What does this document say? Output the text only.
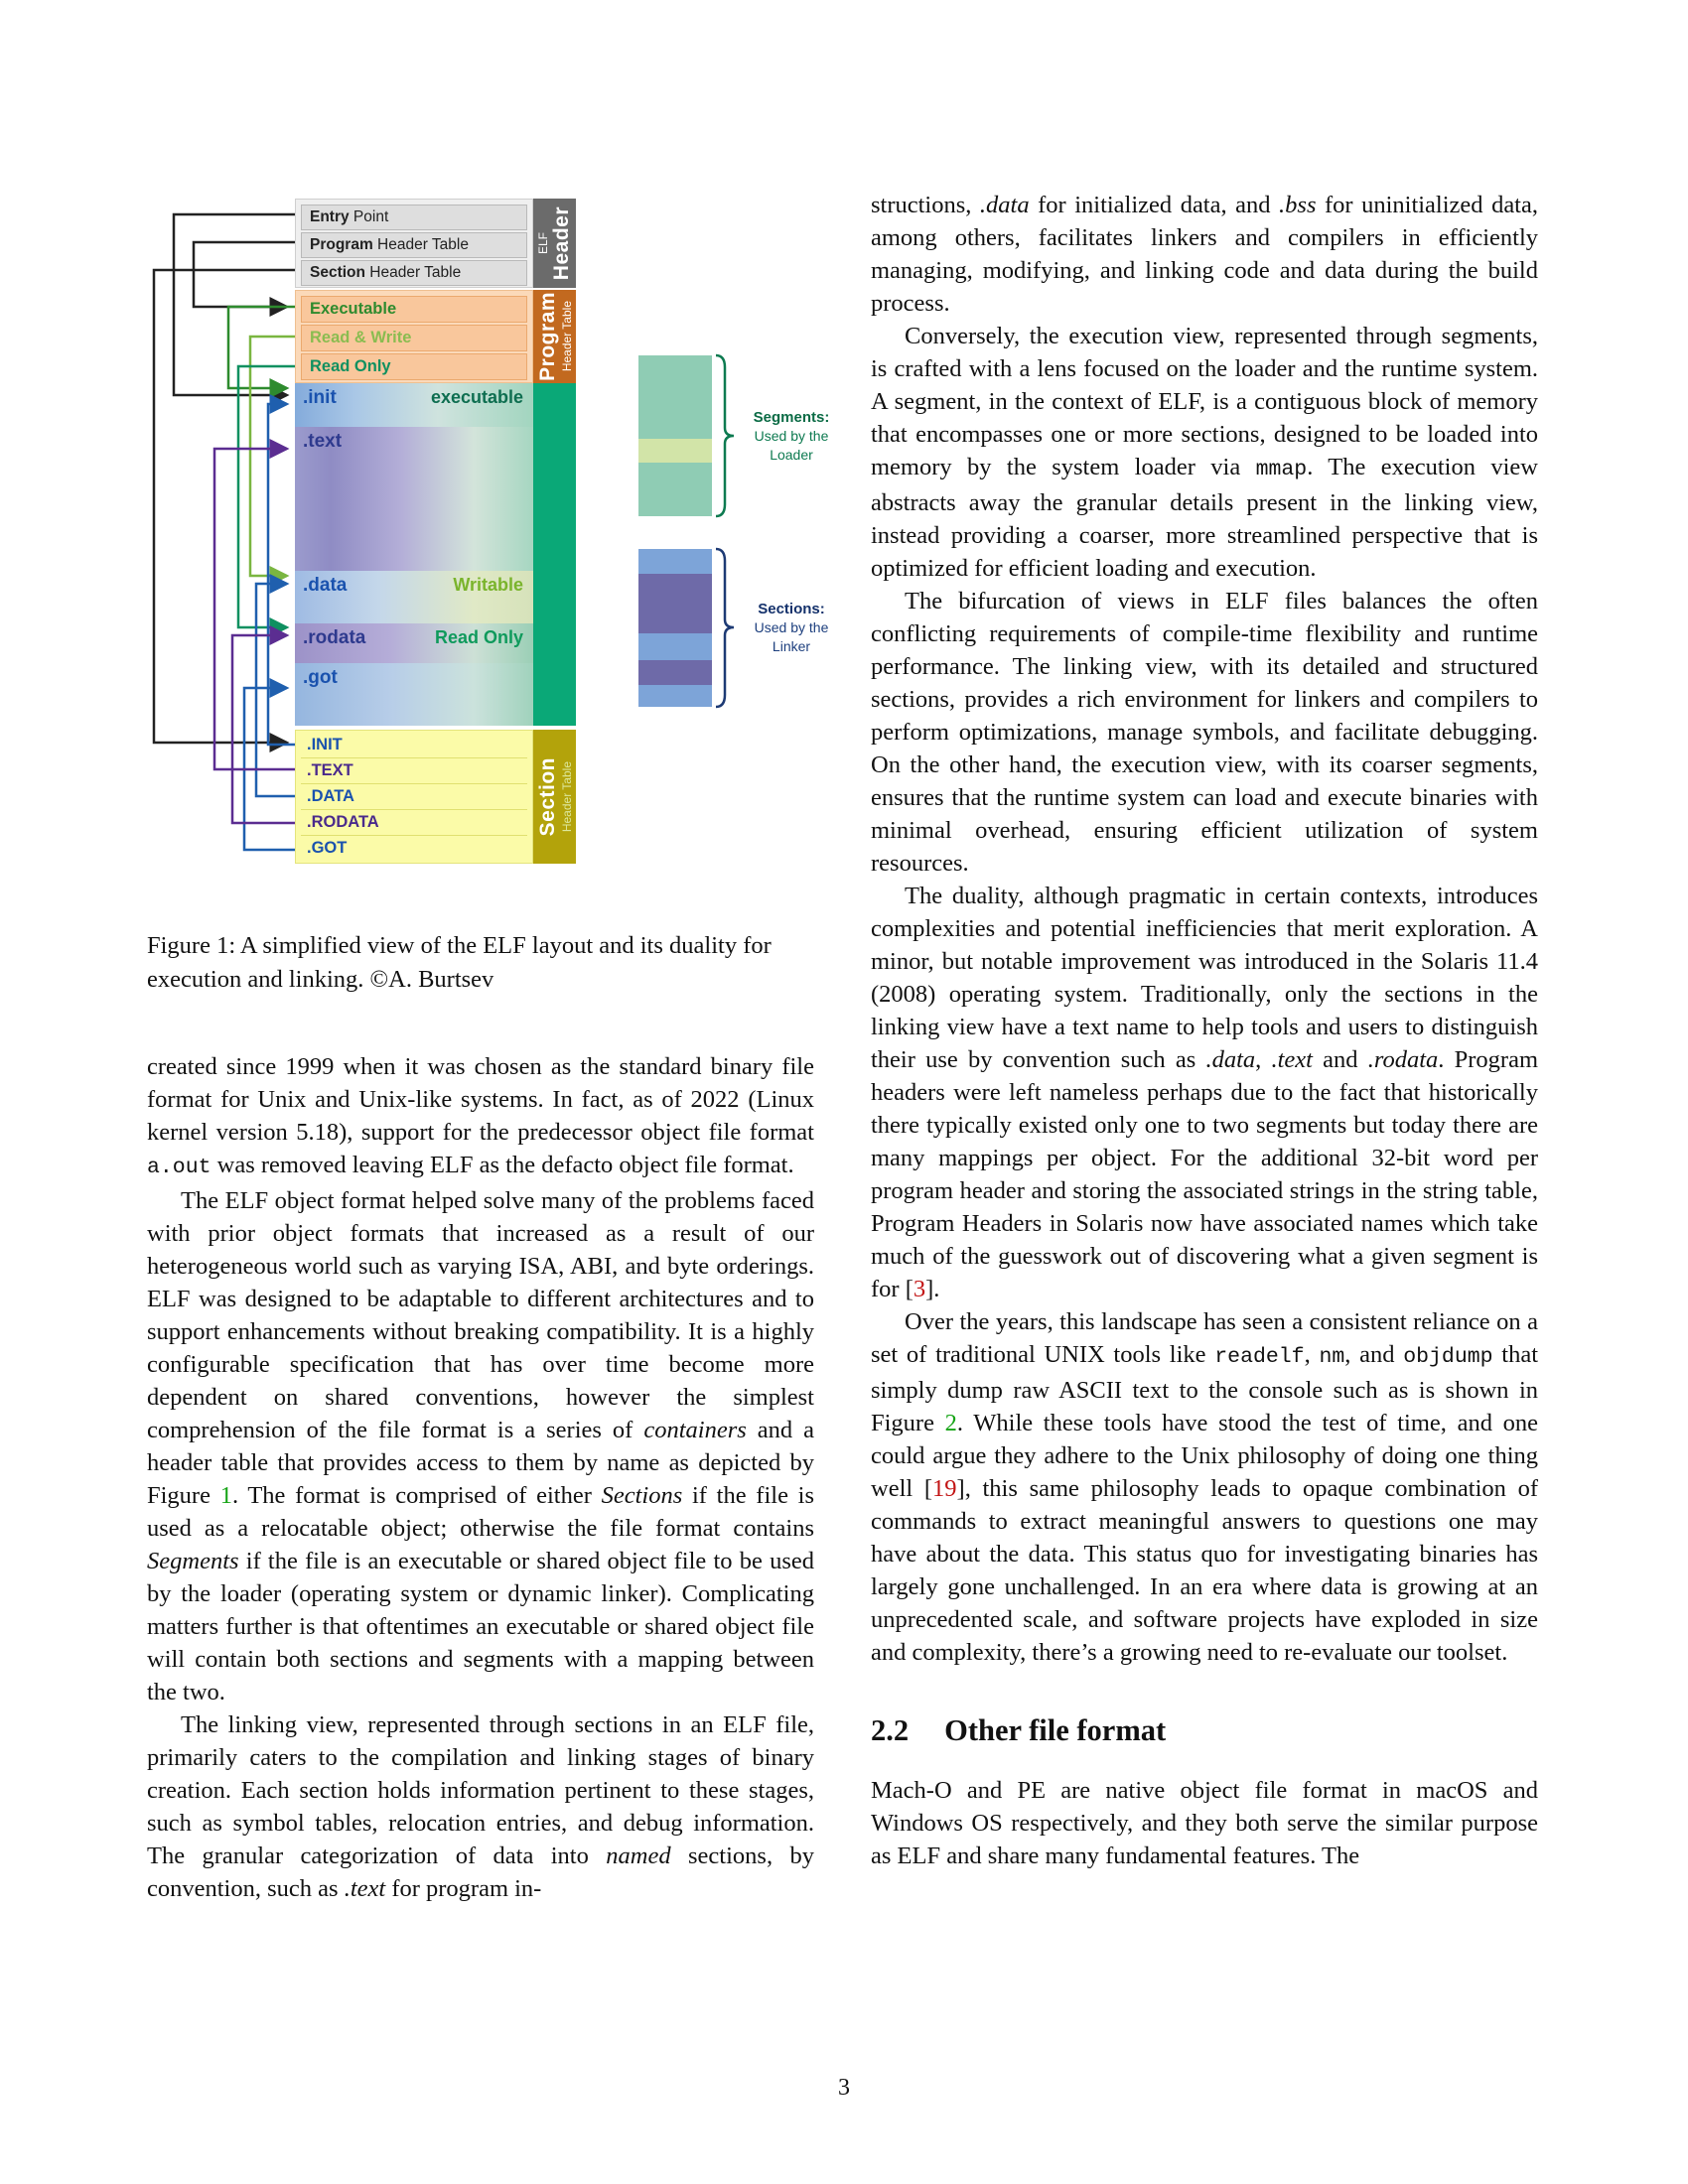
Entry Point
Program Header Table
Section Header Table
ELF Header
Executable
Read & Write
Read Only	Program Header Table
.init	executable
.text
.data	Writable
.rodata	Read Only
.got
.INIT
.TEXT
.DATA
.RODATA
.GOT
Section Header Table
Segments:
Used by the
Loader
Sections:
Used by the
Linker
Figure 1: A simplified view of the ELF layout and its duality for execution and linking. ©A. Burtsev

created since 1999 when it was chosen as the standard binary file format for Unix and Unix-like systems. In fact, as of 2022 (Linux kernel version 5.18), support for the predecessor object file format a.out was removed leaving ELF as the defacto object file format.

The ELF object format helped solve many of the problems faced with prior object formats that increased as a result of our heterogeneous world such as varying ISA, ABI, and byte orderings. ELF was designed to be adaptable to different architectures and to support enhancements without breaking compatibility. It is a highly configurable specification that has over time become more dependent on shared conventions, however the simplest comprehension of the file format is a series of containers and a header table that provides access to them by name as depicted by Figure 1. The format is comprised of either Sections if the file is used as a relocatable object; otherwise the file format contains Segments if the file is an executable or shared object file to be used by the loader (operating system or dynamic linker). Complicating matters further is that oftentimes an executable or shared object file will contain both sections and segments with a mapping between the two.

The linking view, represented through sections in an ELF file, primarily caters to the compilation and linking stages of binary creation. Each section holds information pertinent to these stages, such as symbol tables, relocation entries, and debug information. The granular categorization of data into named sections, by convention, such as .text for program in-

structions, .data for initialized data, and .bss for uninitialized data, among others, facilitates linkers and compilers in efficiently managing, modifying, and linking code and data during the build process.

Conversely, the execution view, represented through segments, is crafted with a lens focused on the loader and the runtime system. A segment, in the context of ELF, is a contiguous block of memory that encompasses one or more sections, designed to be loaded into memory by the system loader via mmap. The execution view abstracts away the granular details present in the linking view, instead providing a coarser, more streamlined perspective that is optimized for efficient loading and execution.

The bifurcation of views in ELF files balances the often conflicting requirements of compile-time flexibility and runtime performance. The linking view, with its detailed and structured sections, provides a rich environment for linkers and compilers to perform optimizations, manage symbols, and facilitate debugging. On the other hand, the execution view, with its coarser segments, ensures that the runtime system can load and execute binaries with minimal overhead, ensuring efficient utilization of system resources.

The duality, although pragmatic in certain contexts, introduces complexities and potential inefficiencies that merit exploration. A minor, but notable improvement was introduced in the Solaris 11.4 (2008) operating system. Traditionally, only the sections in the linking view have a text name to help tools and users to distinguish their use by convention such as .data, .text and .rodata. Program headers were left nameless perhaps due to the fact that historically there typically existed only one to two segments but today there are many mappings per object. For the additional 32-bit word per program header and storing the associated strings in the string table, Program Headers in Solaris now have associated names which take much of the guesswork out of discovering what a given segment is for [3].

Over the years, this landscape has seen a consistent reliance on a set of traditional UNIX tools like readelf, nm, and objdump that simply dump raw ASCII text to the console such as is shown in Figure 2. While these tools have stood the test of time, and one could argue they adhere to the Unix philosophy of doing one thing well [19], this same philosophy leads to opaque combination of commands to extract meaningful answers to questions one may have about the data. This status quo for investigating binaries has largely gone unchallenged. In an era where data is growing at an unprecedented scale, and software projects have exploded in size and complexity, there’s a growing need to re-evaluate our toolset.

2.2 Other file format

Mach-O and PE are native object file format in macOS and Windows OS respectively, and they both serve the similar purpose as ELF and share many fundamental features. The

3
